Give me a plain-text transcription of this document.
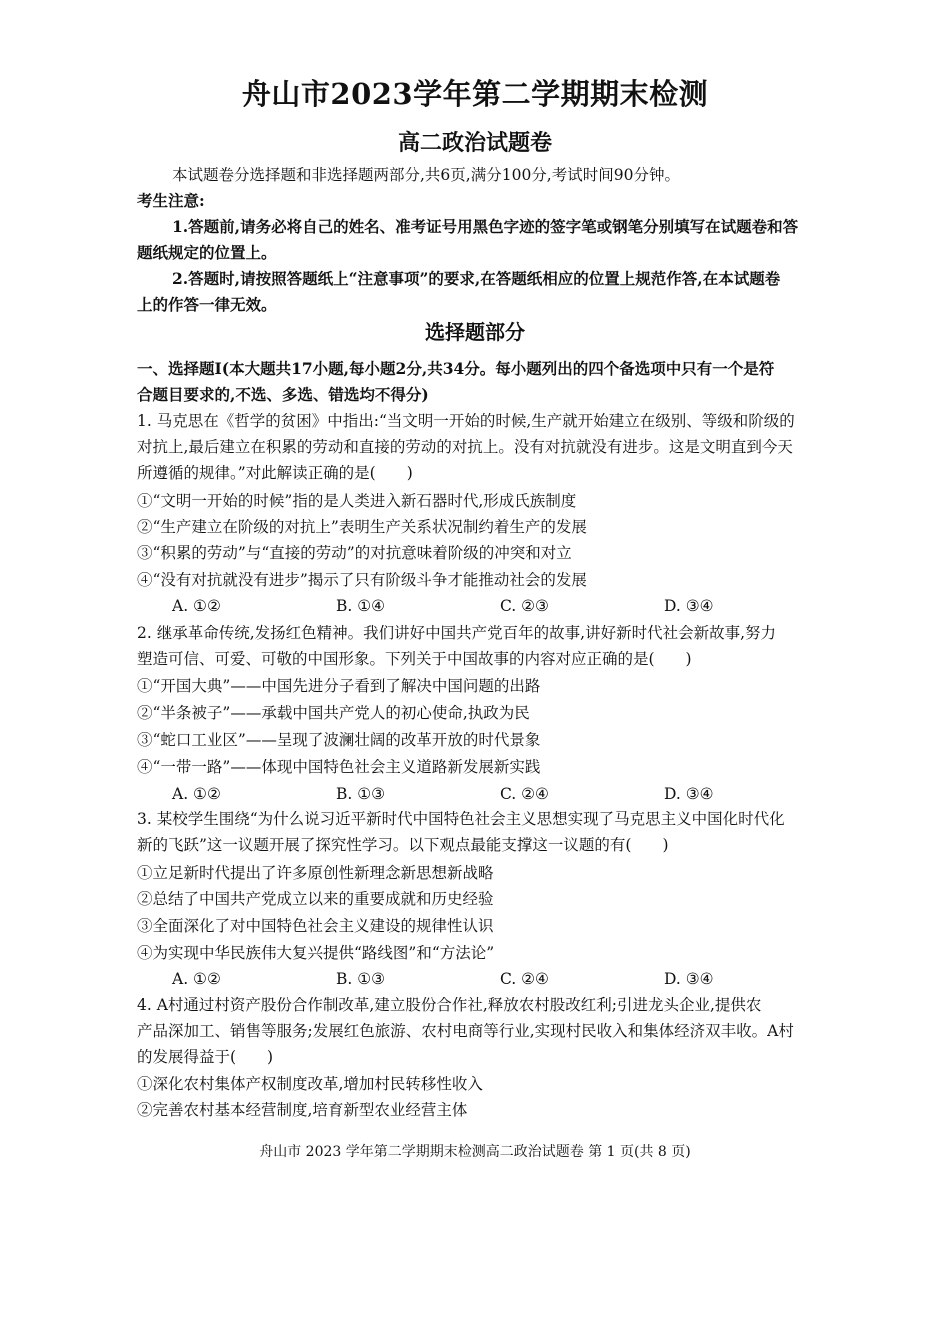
舟山市2023学年第二学期期末检测
高二政治试题卷
本试题卷分选择题和非选择题两部分,共6页,满分100分,考试时间90分钟。
考生注意:
1.答题前,请务必将自己的姓名、准考证号用黑色字迹的签字笔或钢笔分别填写在试题卷和答
题纸规定的位置上。
2.答题时,请按照答题纸上“注意事项”的要求,在答题纸相应的位置上规范作答,在本试题卷
上的作答一律无效。
选择题部分
一、选择题Ⅰ(本大题共17小题,每小题2分,共34分。每小题列出的四个备选项中只有一个是符
合题目要求的,不选、多选、错选均不得分)
1. 马克思在《哲学的贫困》中指出:“当文明一开始的时候,生产就开始建立在级别、等级和阶级的
对抗上,最后建立在积累的劳动和直接的劳动的对抗上。没有对抗就没有进步。这是文明直到今天
所遵循的规律。”对此解读正确的是(　　)
①“文明一开始的时候”指的是人类进入新石器时代,形成氏族制度
②“生产建立在阶级的对抗上”表明生产关系状况制约着生产的发展
③“积累的劳动”与“直接的劳动”的对抗意味着阶级的冲突和对立
④“没有对抗就没有进步”揭示了只有阶级斗争才能推动社会的发展
A. ①②	B. ①④	C. ②③	D. ③④
2. 继承革命传统,发扬红色精神。我们讲好中国共产党百年的故事,讲好新时代社会新故事,努力
塑造可信、可爱、可敬的中国形象。下列关于中国故事的内容对应正确的是(　　)
①“开国大典”——中国先进分子看到了解决中国问题的出路
②“半条被子”——承载中国共产党人的初心使命,执政为民
③“蛇口工业区”——呈现了波澜壮阔的改革开放的时代景象
④“一带一路”——体现中国特色社会主义道路新发展新实践
A. ①②	B. ①③	C. ②④	D. ③④
3. 某校学生围绕“为什么说习近平新时代中国特色社会主义思想实现了马克思主义中国化时代化
新的飞跃”这一议题开展了探究性学习。以下观点最能支撑这一议题的有(　　)
①立足新时代提出了许多原创性新理念新思想新战略
②总结了中国共产党成立以来的重要成就和历史经验
③全面深化了对中国特色社会主义建设的规律性认识
④为实现中华民族伟大复兴提供“路线图”和“方法论”
A. ①②	B. ①③	C. ②④	D. ③④
4. A村通过村资产股份合作制改革,建立股份合作社,释放农村股改红利;引进龙头企业,提供农
产品深加工、销售等服务;发展红色旅游、农村电商等行业,实现村民收入和集体经济双丰收。A村
的发展得益于(　　)
①深化农村集体产权制度改革,增加村民转移性收入
②完善农村基本经营制度,培育新型农业经营主体
舟山市 2023 学年第二学期期末检测高二政治试题卷 第 1 页(共 8 页)
